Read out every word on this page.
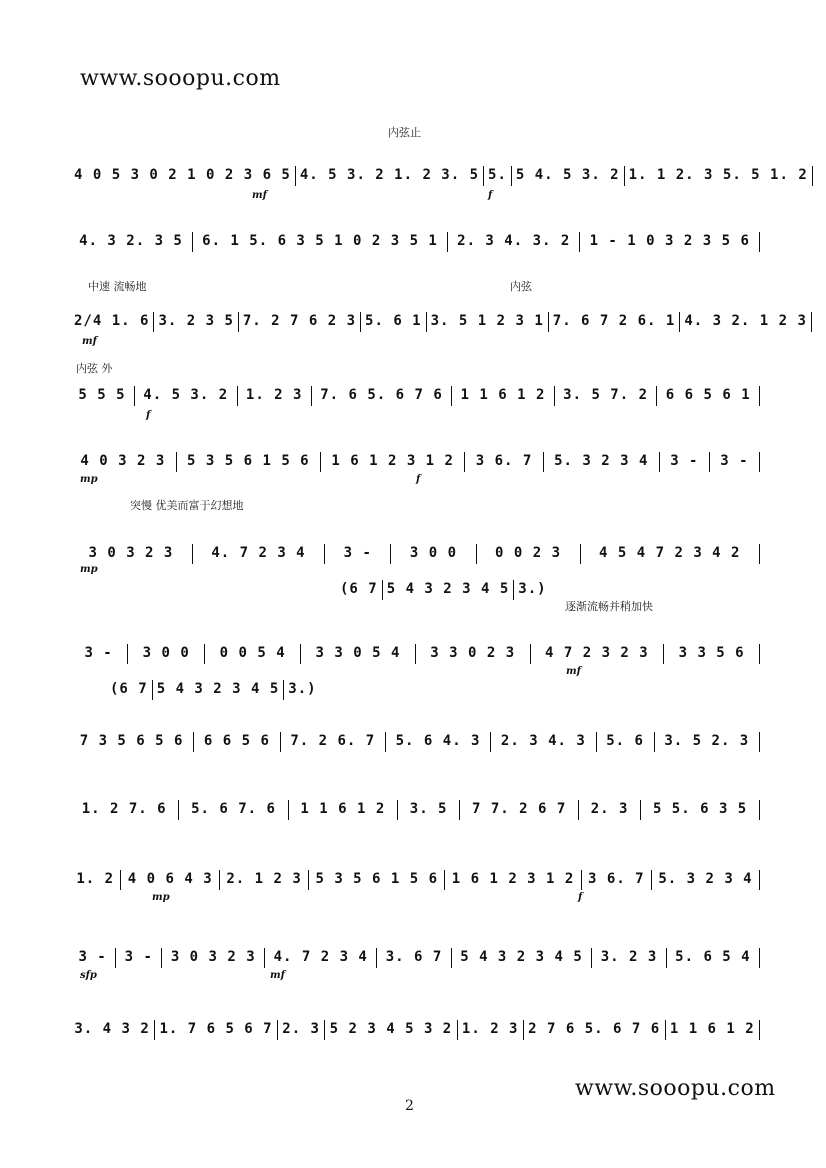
www.sooopu.com
内弦止
中速 流畅地	内弦
内弦 外
突慢 优美而富于幻想地
逐渐流畅并稍加快
4 0 5 3 0 2 1 0 2 3 6 5 4. 5 3. 2 1. 2 3. 5 5. 5 4. 5 3. 2 1. 1 2. 3 5. 5 1. 2
4. 3 2. 3 5	6. 1 5. 6 3 5 1 0 2 3 5 1	2. 3 4. 3. 2	1 - 1 0 3 2 3 5 6
2/4 1. 6 3. 2 3 5 7. 2 7 6 2 3 5. 6 1 3. 5 1 2 3 1 7. 6 7 2 6. 1 4. 3 2. 1 2 3
5 5 5	4. 5 3. 2	1. 2 3	7. 6 5. 6 7 6	1 1 6 1 2	3. 5 7. 2	6 6 5 6 1
4 0 3 2 3	5 3 5 6 1 5 6	1 6 1 2 3 1 2	3 6. 7	5. 3 2 3 4	3 -	3 -
3 0 3 2 3	4. 7 2 3 4	3 -	3 0 0	0 0 2 3	4 5 4 7 2 3 4 2
(6 7 5 4 3 2 3 4 5 3.)
3 -	3 0 0	0 0 5 4	3 3 0 5 4	3 3 0 2 3	4 7 2 3 2 3	3 3 5 6
(6 7 5 4 3 2 3 4 5 3.)
7 3 5 6 5 6	6 6 5 6	7. 2 6. 7	5. 6 4. 3	2. 3 4. 3	5. 6	3. 5 2. 3
1. 2 7. 6	5. 6 7. 6	1 1 6 1 2	3. 5	7 7. 2 6 7	2. 3	5 5. 6 3 5
1. 2 4 0 6 4 3 2. 1 2 3 5 3 5 6 1 5 6 1 6 1 2 3 1 2 3 6. 7 5. 3 2 3 4
3 -	3 -	3 0 3 2 3	4. 7 2 3 4	3. 6 7	5 4 3 2 3 4 5	3. 2 3	5. 6 5 4
3. 4 3 2 1. 7 6 5 6 7 2. 3 5 2 3 4 5 3 2 1. 2 3 2 7 6 5. 6 7 6 1 1 6 1 2
mf	f
mf
f
mp	f
mp
mf
mp	f
sfp	mf
www.sooopu.com
2
